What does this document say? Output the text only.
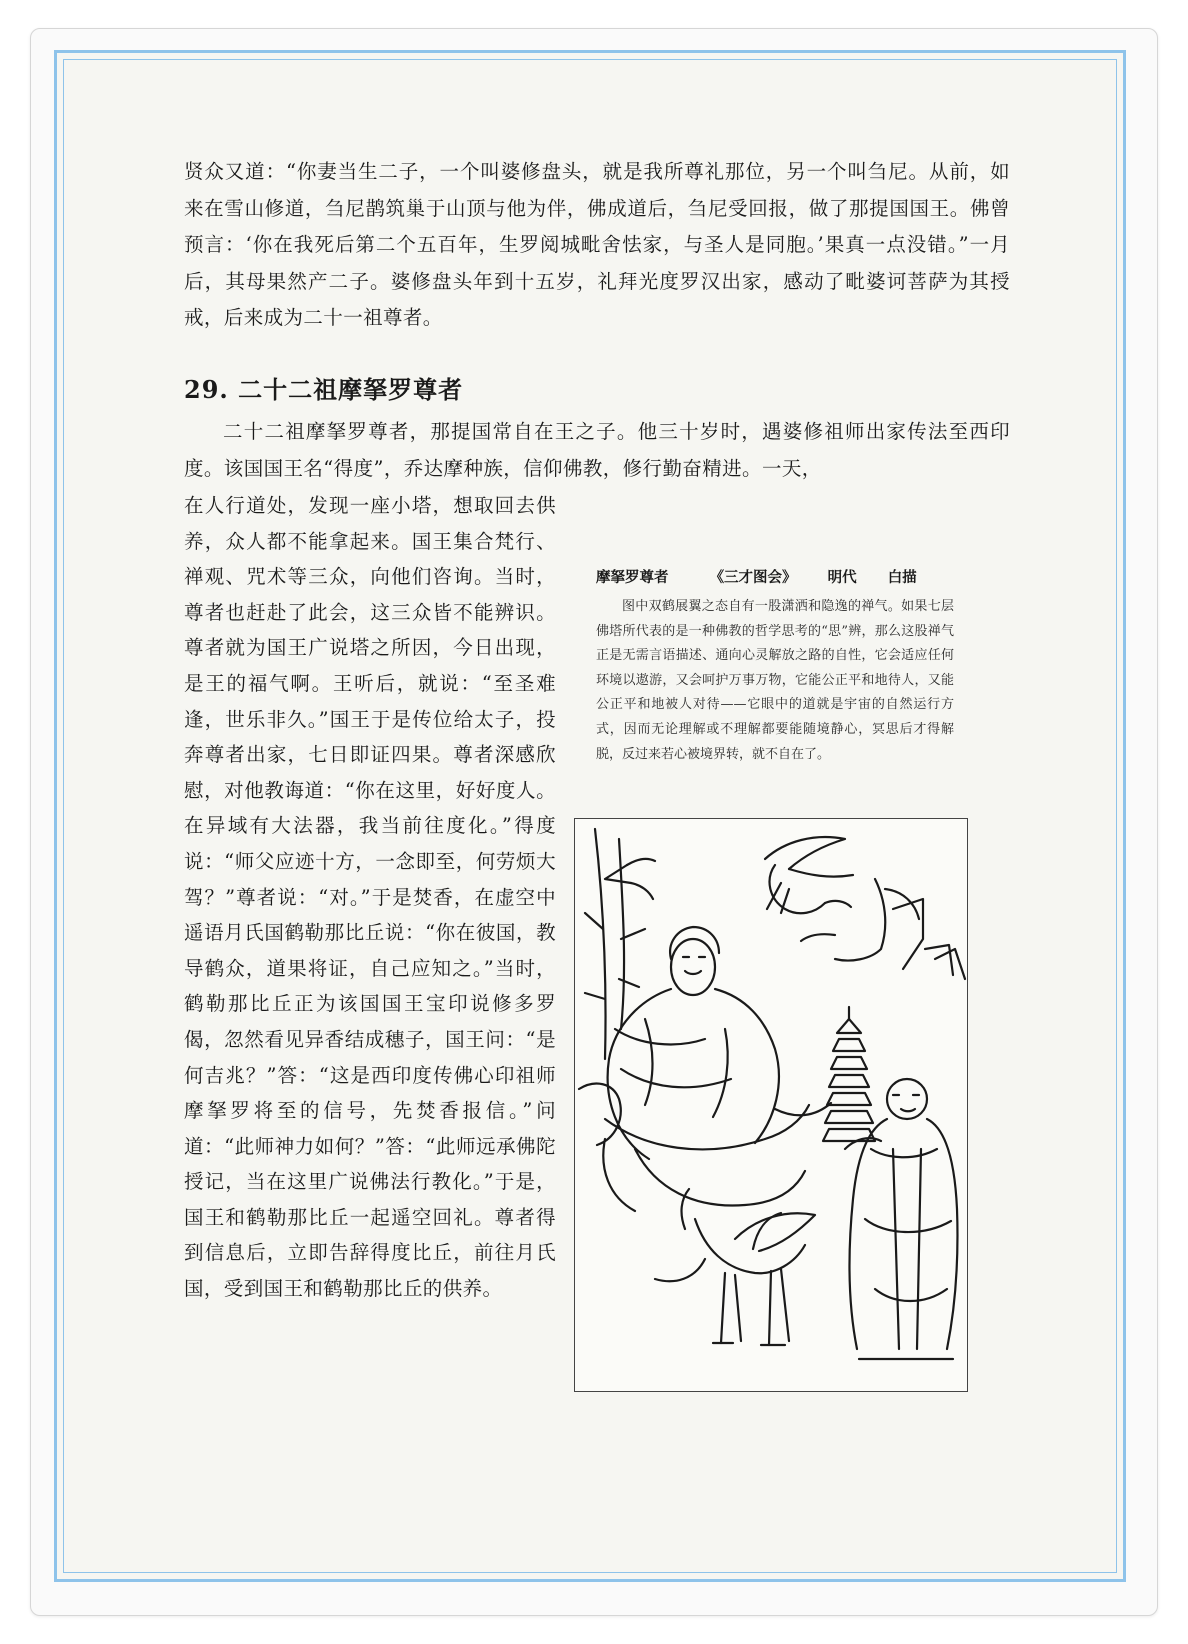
贤众又道：“你妻当生二子，一个叫婆修盘头，就是我所尊礼那位，另一个叫刍尼。从前，如来在雪山修道，刍尼鹊筑巢于山顶与他为伴，佛成道后，刍尼受回报，做了那提国国王。佛曾预言：‘你在我死后第二个五百年，生罗阅城毗舍怯家，与圣人是同胞。’果真一点没错。”一月后，其母果然产二子。婆修盘头年到十五岁，礼拜光度罗汉出家，感动了毗婆诃菩萨为其授戒，后来成为二十一祖尊者。

29. 二十二祖摩拏罗尊者

二十二祖摩拏罗尊者，那提国常自在王之子。他三十岁时，遇婆修祖师出家传法至西印度。该国国王名“得度”，乔达摩种族，信仰佛教，修行勤奋精进。一天，

在人行道处，发现一座小塔，想取回去供养，众人都不能拿起来。国王集合梵行、禅观、咒术等三众，向他们咨询。当时，尊者也赶赴了此会，这三众皆不能辨识。尊者就为国王广说塔之所因，今日出现，是王的福气啊。王听后，就说：“至圣难逢，世乐非久。”国王于是传位给太子，投奔尊者出家，七日即证四果。尊者深感欣慰，对他教诲道：“你在这里，好好度人。在异域有大法器，我当前往度化。”得度说：“师父应迹十方，一念即至，何劳烦大驾？”尊者说：“对。”于是焚香，在虚空中遥语月氏国鹤勒那比丘说：“你在彼国，教导鹤众，道果将证，自己应知之。”当时，鹤勒那比丘正为该国国王宝印说修多罗偈，忽然看见异香结成穗子，国王问：“是何吉兆？”答：“这是西印度传佛心印祖师摩拏罗将至的信号，先焚香报信。”问道：“此师神力如何？”答：“此师远承佛陀授记，当在这里广说佛法行教化。”于是，国王和鹤勒那比丘一起遥空回礼。尊者得到信息后，立即告辞得度比丘，前往月氏国，受到国王和鹤勒那比丘的供养。

摩拏罗尊者	《三才图会》 明代 白描

图中双鹤展翼之态自有一股潇洒和隐逸的禅气。如果七层佛塔所代表的是一种佛教的哲学思考的“思”辨，那么这股禅气正是无需言语描述、通向心灵解放之路的自性，它会适应任何环境以遨游，又会呵护万事万物，它能公正平和地待人，又能公正平和地被人对待——它眼中的道就是宇宙的自然运行方式，因而无论理解或不理解都要能随境静心，冥思后才得解脱，反过来若心被境界转，就不自在了。
